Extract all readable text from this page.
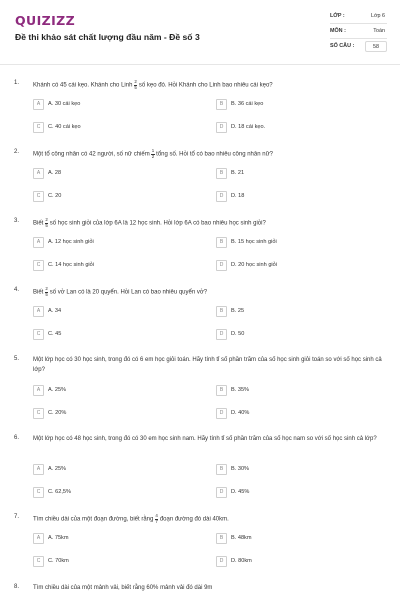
QUIZIZZ
Đề thi khảo sát chất lượng đầu năm - Đề số 3
LỚP :	Lớp 6
MÔN :	Toán
SỐ CÂU :	58
1. Khánh có 45 cái kẹo. Khánh cho Linh $\frac{2}{5}$ số kẹo đó. Hỏi Khánh cho Linh bao nhiêu cái kẹo?
A	A. 30 cái kẹo	B	B. 36 cái kẹo
C	C. 40 cái kẹo	D	D. 18 cái kẹo.
2. Một tổ công nhân có 42 người, số nữ chiếm $\frac{1}{2}$ tổng số. Hỏi tổ có bao nhiêu công nhân nữ?
A	A. 28	B	B. 21
C	C. 20	D	D. 18
3. Biết $\frac{2}{5}$ số học sinh giỏi của lớp 6A là 12 học sinh. Hỏi lớp 6A có bao nhiêu học sinh giỏi?
A	A. 12 học sinh giỏi	B	B. 15 học sinh giỏi
C	C. 14 học sinh giỏi	D	D. 20 học sinh giỏi
4. Biết $\frac{2}{5}$ số vở Lan có là 20 quyển. Hỏi Lan có bao nhiêu quyển vở?
A	A. 34	B	B. 25
C	C. 45	D	D. 50
5. Một lớp học có 30 học sinh, trong đó có 6 em học giỏi toán. Hãy tính tỉ số phần trăm của số học sinh giỏi toán so với số học sinh cả lớp?
A	A. 25%	B	B. 35%
C	C. 20%	D	D. 40%
6. Một lớp học có 48 học sinh, trong đó có 30 em học sinh nam. Hãy tính tỉ số phần trăm của số học nam so với số học sinh cả lớp?
A	A. 25%	B	B. 30%
C	C. 62,5%	D	D. 45%
7. Tìm chiều dài của một đoạn đường, biết rằng $\frac{4}{7}$ đoạn đường đó dài 40km.
A	A. 75km	B	B. 48km
C	C. 70km	D	D. 80km
8. Tìm chiều dài của một mảnh vải, biết rằng 60% mảnh vải đó dài 9m
